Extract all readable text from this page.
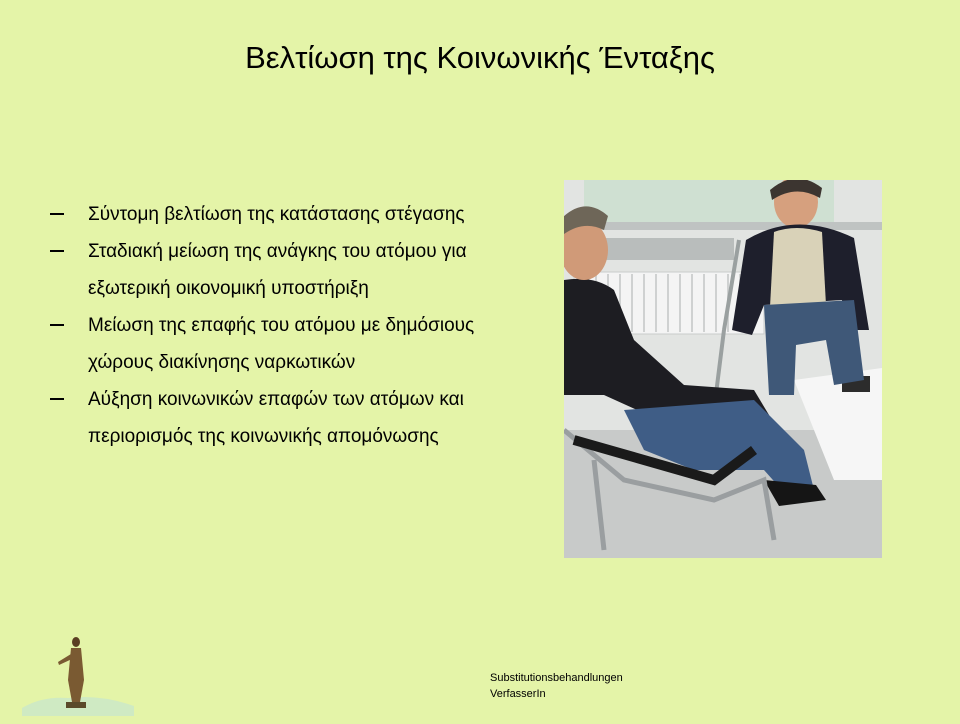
Βελτίωση της Κοινωνικής Ένταξης
Σύντομη βελτίωση της κατάστασης στέγασης
Σταδιακή μείωση της ανάγκης του ατόμου για εξωτερική οικονομική υποστήριξη
Μείωση της επαφής του ατόμου με δημόσιους χώρους διακίνησης ναρκωτικών
Αύξηση κοινωνικών επαφών των ατόμων και περιορισμός της κοινωνικής απομόνωσης
Substitutionsbehandlungen
VerfasserIn
